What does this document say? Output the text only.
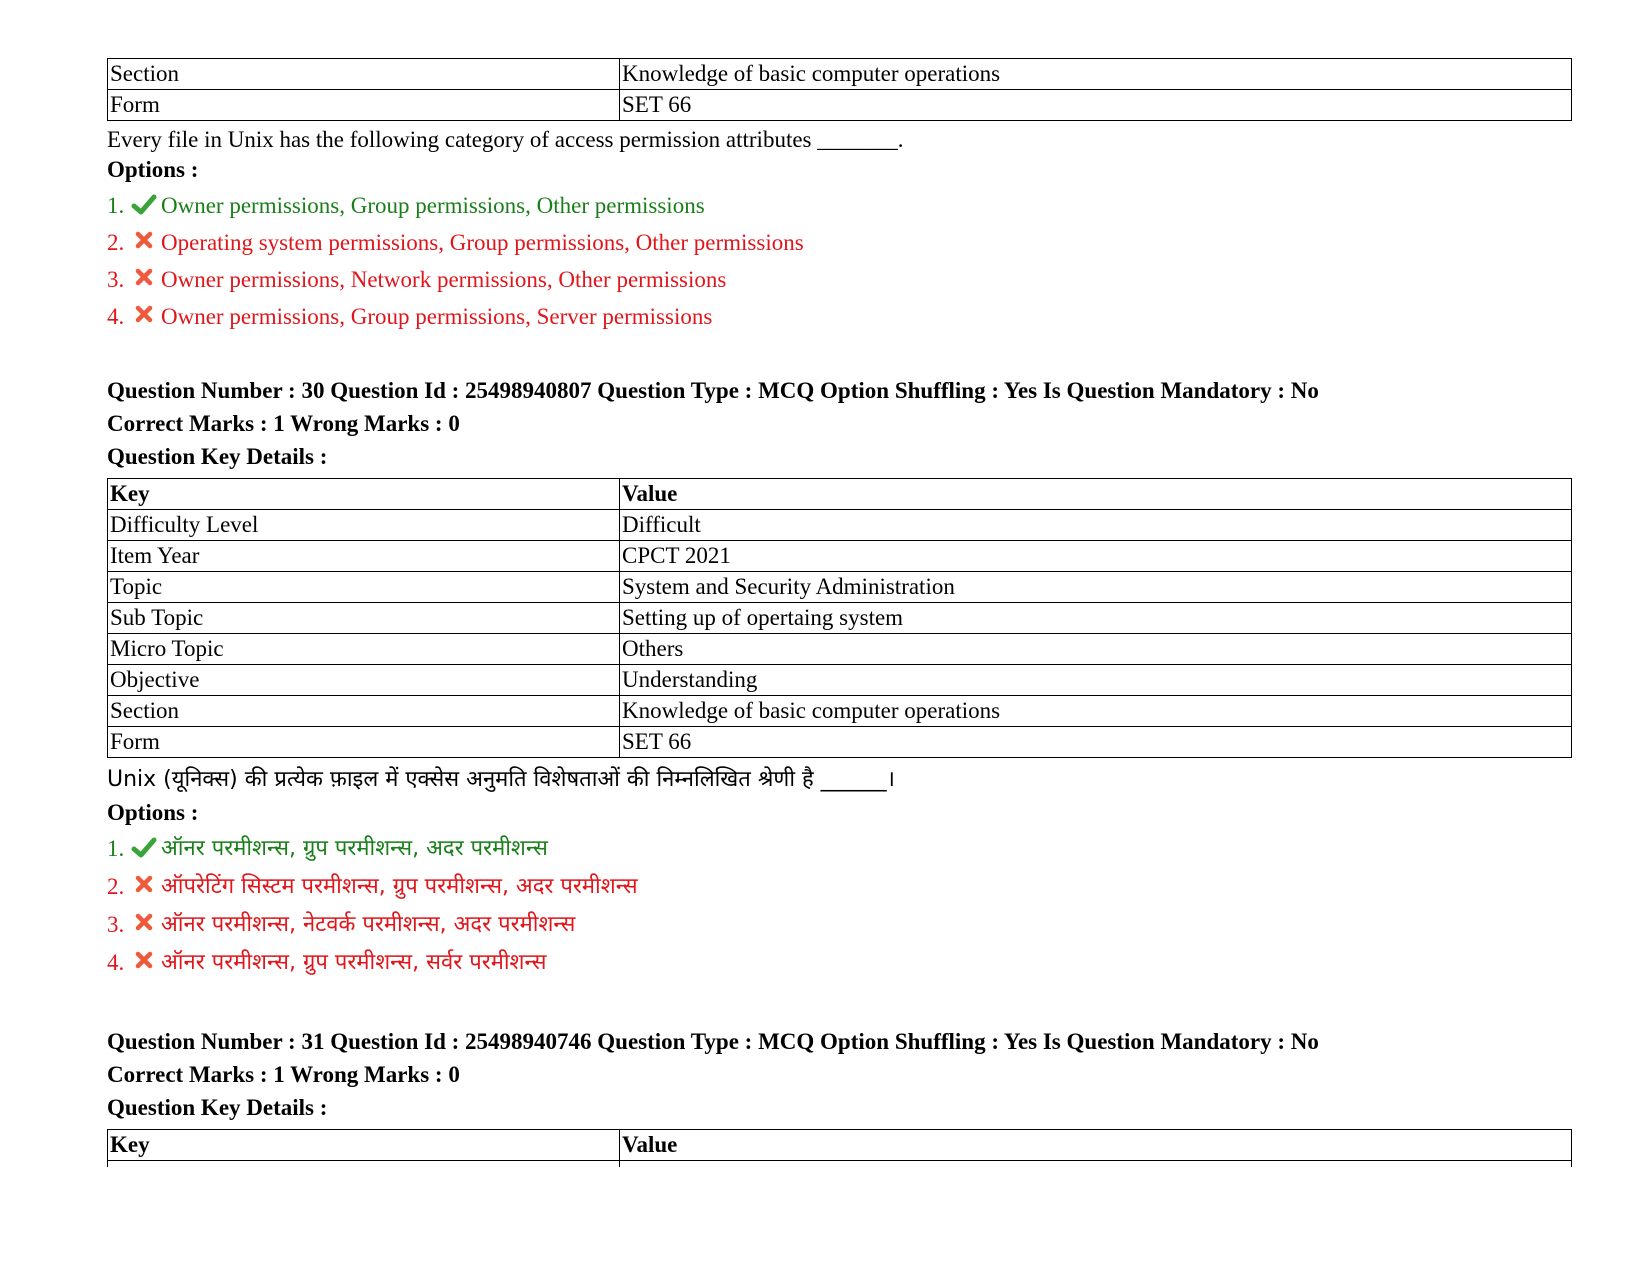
Section	Knowledge of basic computer operations
Form	SET 66
Every file in Unix has the following category of access permission attributes _______.
Options :
1. Owner permissions, Group permissions, Other permissions
2. Operating system permissions, Group permissions, Other permissions
3. Owner permissions, Network permissions, Other permissions
4. Owner permissions, Group permissions, Server permissions
Question Number : 30 Question Id : 25498940807 Question Type : MCQ Option Shuffling : Yes Is Question Mandatory : No
Correct Marks : 1 Wrong Marks : 0
Question Key Details :
Key	Value
Difficulty Level	Difficult
Item Year	CPCT 2021
Topic	System and Security Administration
Sub Topic	Setting up of opertaing system
Micro Topic	Others
Objective	Understanding
Section	Knowledge of basic computer operations
Form	SET 66
Unix (यूनिक्स) की प्रत्येक फ़ाइल में एक्सेस अनुमति विशेषताओं की निम्नलिखित श्रेणी है ______।
Options :
1.	ऑनर परमीशन्स, ग्रुप परमीशन्स, अदर परमीशन्स
2.	ऑपरेटिंग सिस्टम परमीशन्स, ग्रुप परमीशन्स, अदर परमीशन्स
3.	ऑनर परमीशन्स, नेटवर्क परमीशन्स, अदर परमीशन्स
4.	ऑनर परमीशन्स, ग्रुप परमीशन्स, सर्वर परमीशन्स
Question Number : 31 Question Id : 25498940746 Question Type : MCQ Option Shuffling : Yes Is Question Mandatory : No
Correct Marks : 1 Wrong Marks : 0
Question Key Details :
Key	Value
